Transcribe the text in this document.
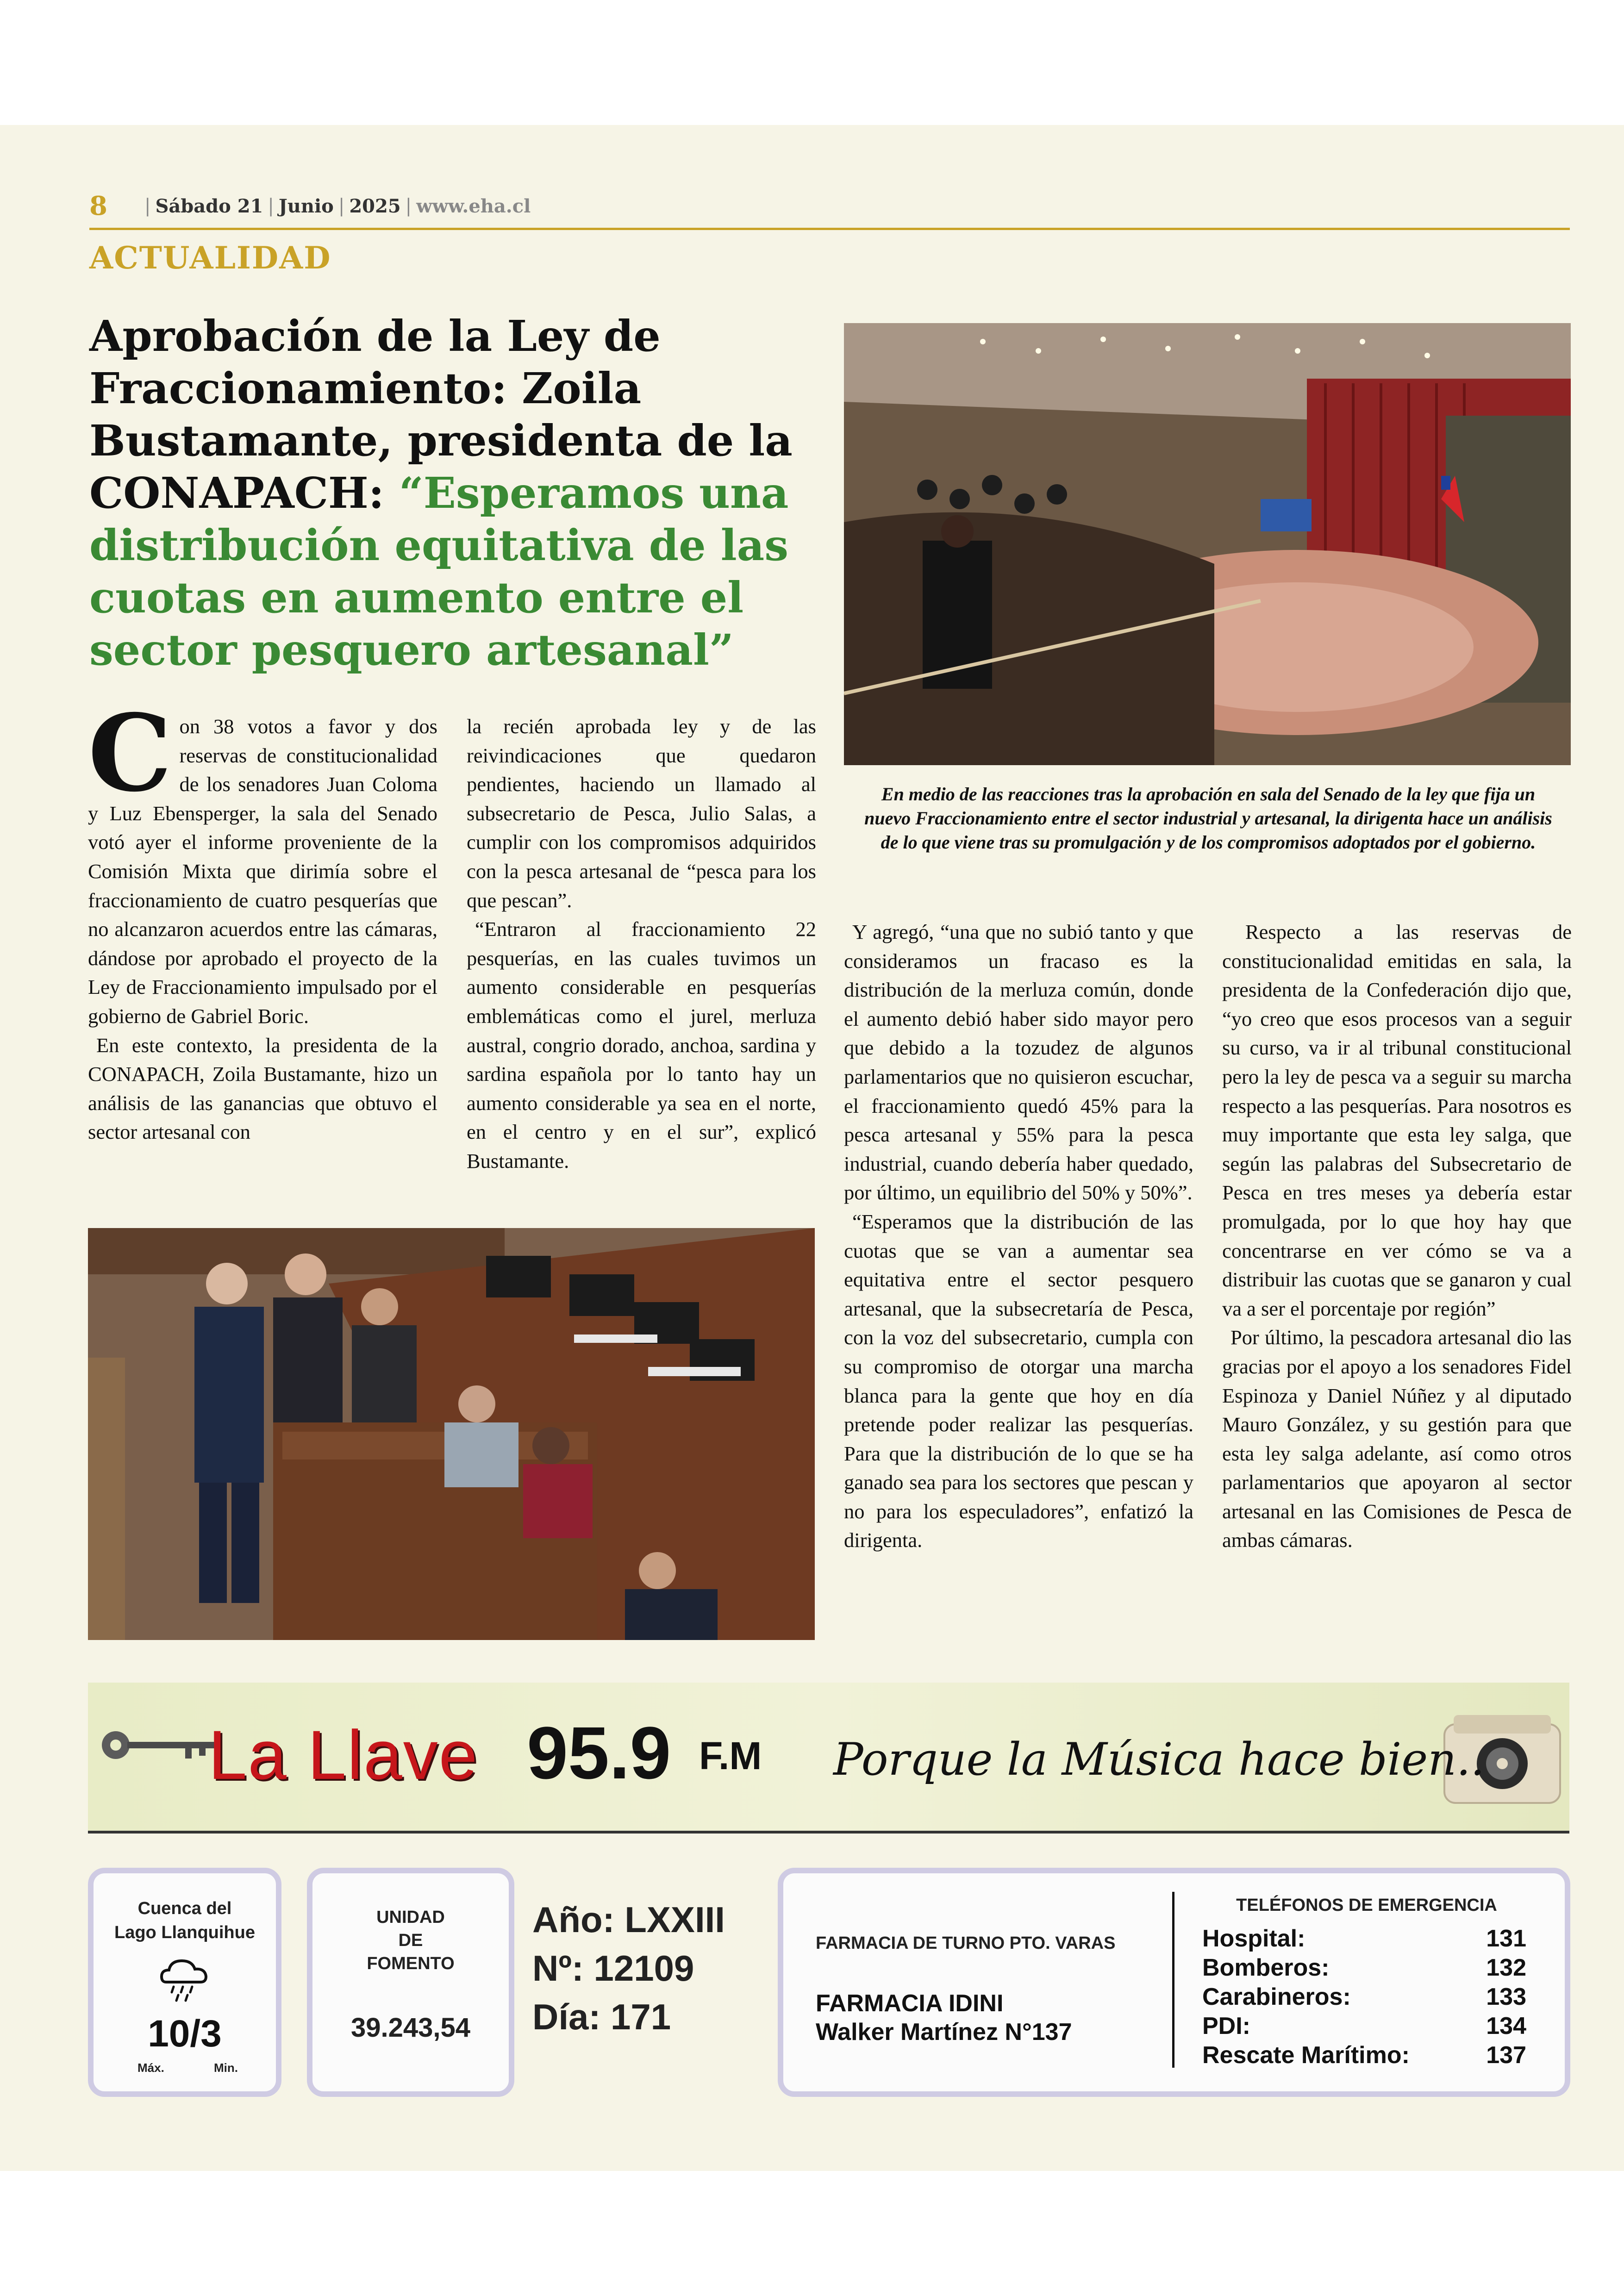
8 | Sábado 21 | Junio | 2025 | www.eha.cl
ACTUALIDAD
Aprobación de la Ley de Fraccionamiento: Zoila Bustamante, presidenta de la CONAPACH: “Esperamos una distribución equitativa de las cuotas en aumento entre el sector pesquero artesanal”
En medio de las reacciones tras la aprobación en sala del Senado de la ley que fija un nuevo Fraccionamiento entre el sector industrial y artesanal, la dirigenta hace un análisis de lo que viene tras su promulgación y de los compromisos adoptados por el gobierno.

Con 38 votos a favor y dos reservas de constitucionalidad de los senadores Juan Coloma y Luz Ebensperger, la sala del Senado votó ayer el informe proveniente de la Comisión Mixta que dirimía sobre el fraccionamiento de cuatro pesquerías que no alcanzaron acuerdos entre las cámaras, dándose por aprobado el proyecto de la Ley de Fraccionamiento impulsado por el gobierno de Gabriel Boric.

En este contexto, la presidenta de la CONAPACH, Zoila Bustamante, hizo un análisis de las ganancias que obtuvo el sector artesanal con

la recién aprobada ley y de las reivindicaciones que quedaron pendientes, haciendo un llamado al subsecretario de Pesca, Julio Salas, a cumplir con los compromisos adquiridos con la pesca artesanal de “pesca para los que pescan”.

“Entraron al fraccionamiento 22 pesquerías, en las cuales tuvimos un aumento considerable en pesquerías emblemáticas como el jurel, merluza austral, congrio dorado, anchoa, sardina y sardina española por lo tanto hay un aumento considerable ya sea en el norte, en el centro y en el sur”, explicó Bustamante.

Y agregó, “una que no subió tanto y que consideramos un fracaso es la distribución de la merluza común, donde el aumento debió haber sido mayor pero que debido a la tozudez de algunos parlamentarios que no quisieron escuchar, el fraccionamiento quedó 45% para la pesca artesanal y 55% para la pesca industrial, cuando debería haber quedado, por último, un equilibrio del 50% y 50%”.

“Esperamos que la distribución de las cuotas que se van a aumentar sea equitativa entre el sector pesquero artesanal, que la subsecretaría de Pesca, con la voz del subsecretario, cumpla con su compromiso de otorgar una marcha blanca para la gente que hoy en día pretende poder realizar las pesquerías. Para que la distribución de lo que se ha ganado sea para los sectores que pescan y no para los especuladores”, enfatizó la dirigenta.

Respecto a las reservas de constitucionalidad emitidas en sala, la presidenta de la Confederación dijo que, “yo creo que esos procesos van a seguir su curso, va ir al tribunal constitucional pero la ley de pesca va a seguir su marcha respecto a las pesquerías. Para nosotros es muy importante que esta ley salga, que según las palabras del Subsecretario de Pesca en tres meses ya debería estar promulgada, por lo que hoy hay que concentrarse en ver cómo se va a distribuir las cuotas que se ganaron y cual va a ser el porcentaje por región”

Por último, la pescadora artesanal dio las gracias por el apoyo a los senadores Fidel Espinoza y Daniel Núñez y al diputado Mauro González, y su gestión para que esta ley salga adelante, así como otros parlamentarios que apoyaron al sector artesanal en las Comisiones de Pesca de ambas cámaras.

La Llave 95.9 F.M Porque la Música hace bien..
Cuenca del
Lago Llanquihue
10/3
Máx.	Min.
UNIDAD
DE
FOMENTO
39.243,54
Año: LXXIII
Nº: 12109
Día: 171
FARMACIA DE TURNO PTO. VARAS
FARMACIA IDINI
Walker Martínez N°137
TELÉFONOS DE EMERGENCIA
Hospital:	131
Bomberos:	132
Carabineros:	133
PDI:	134
Rescate Marítimo:	137
